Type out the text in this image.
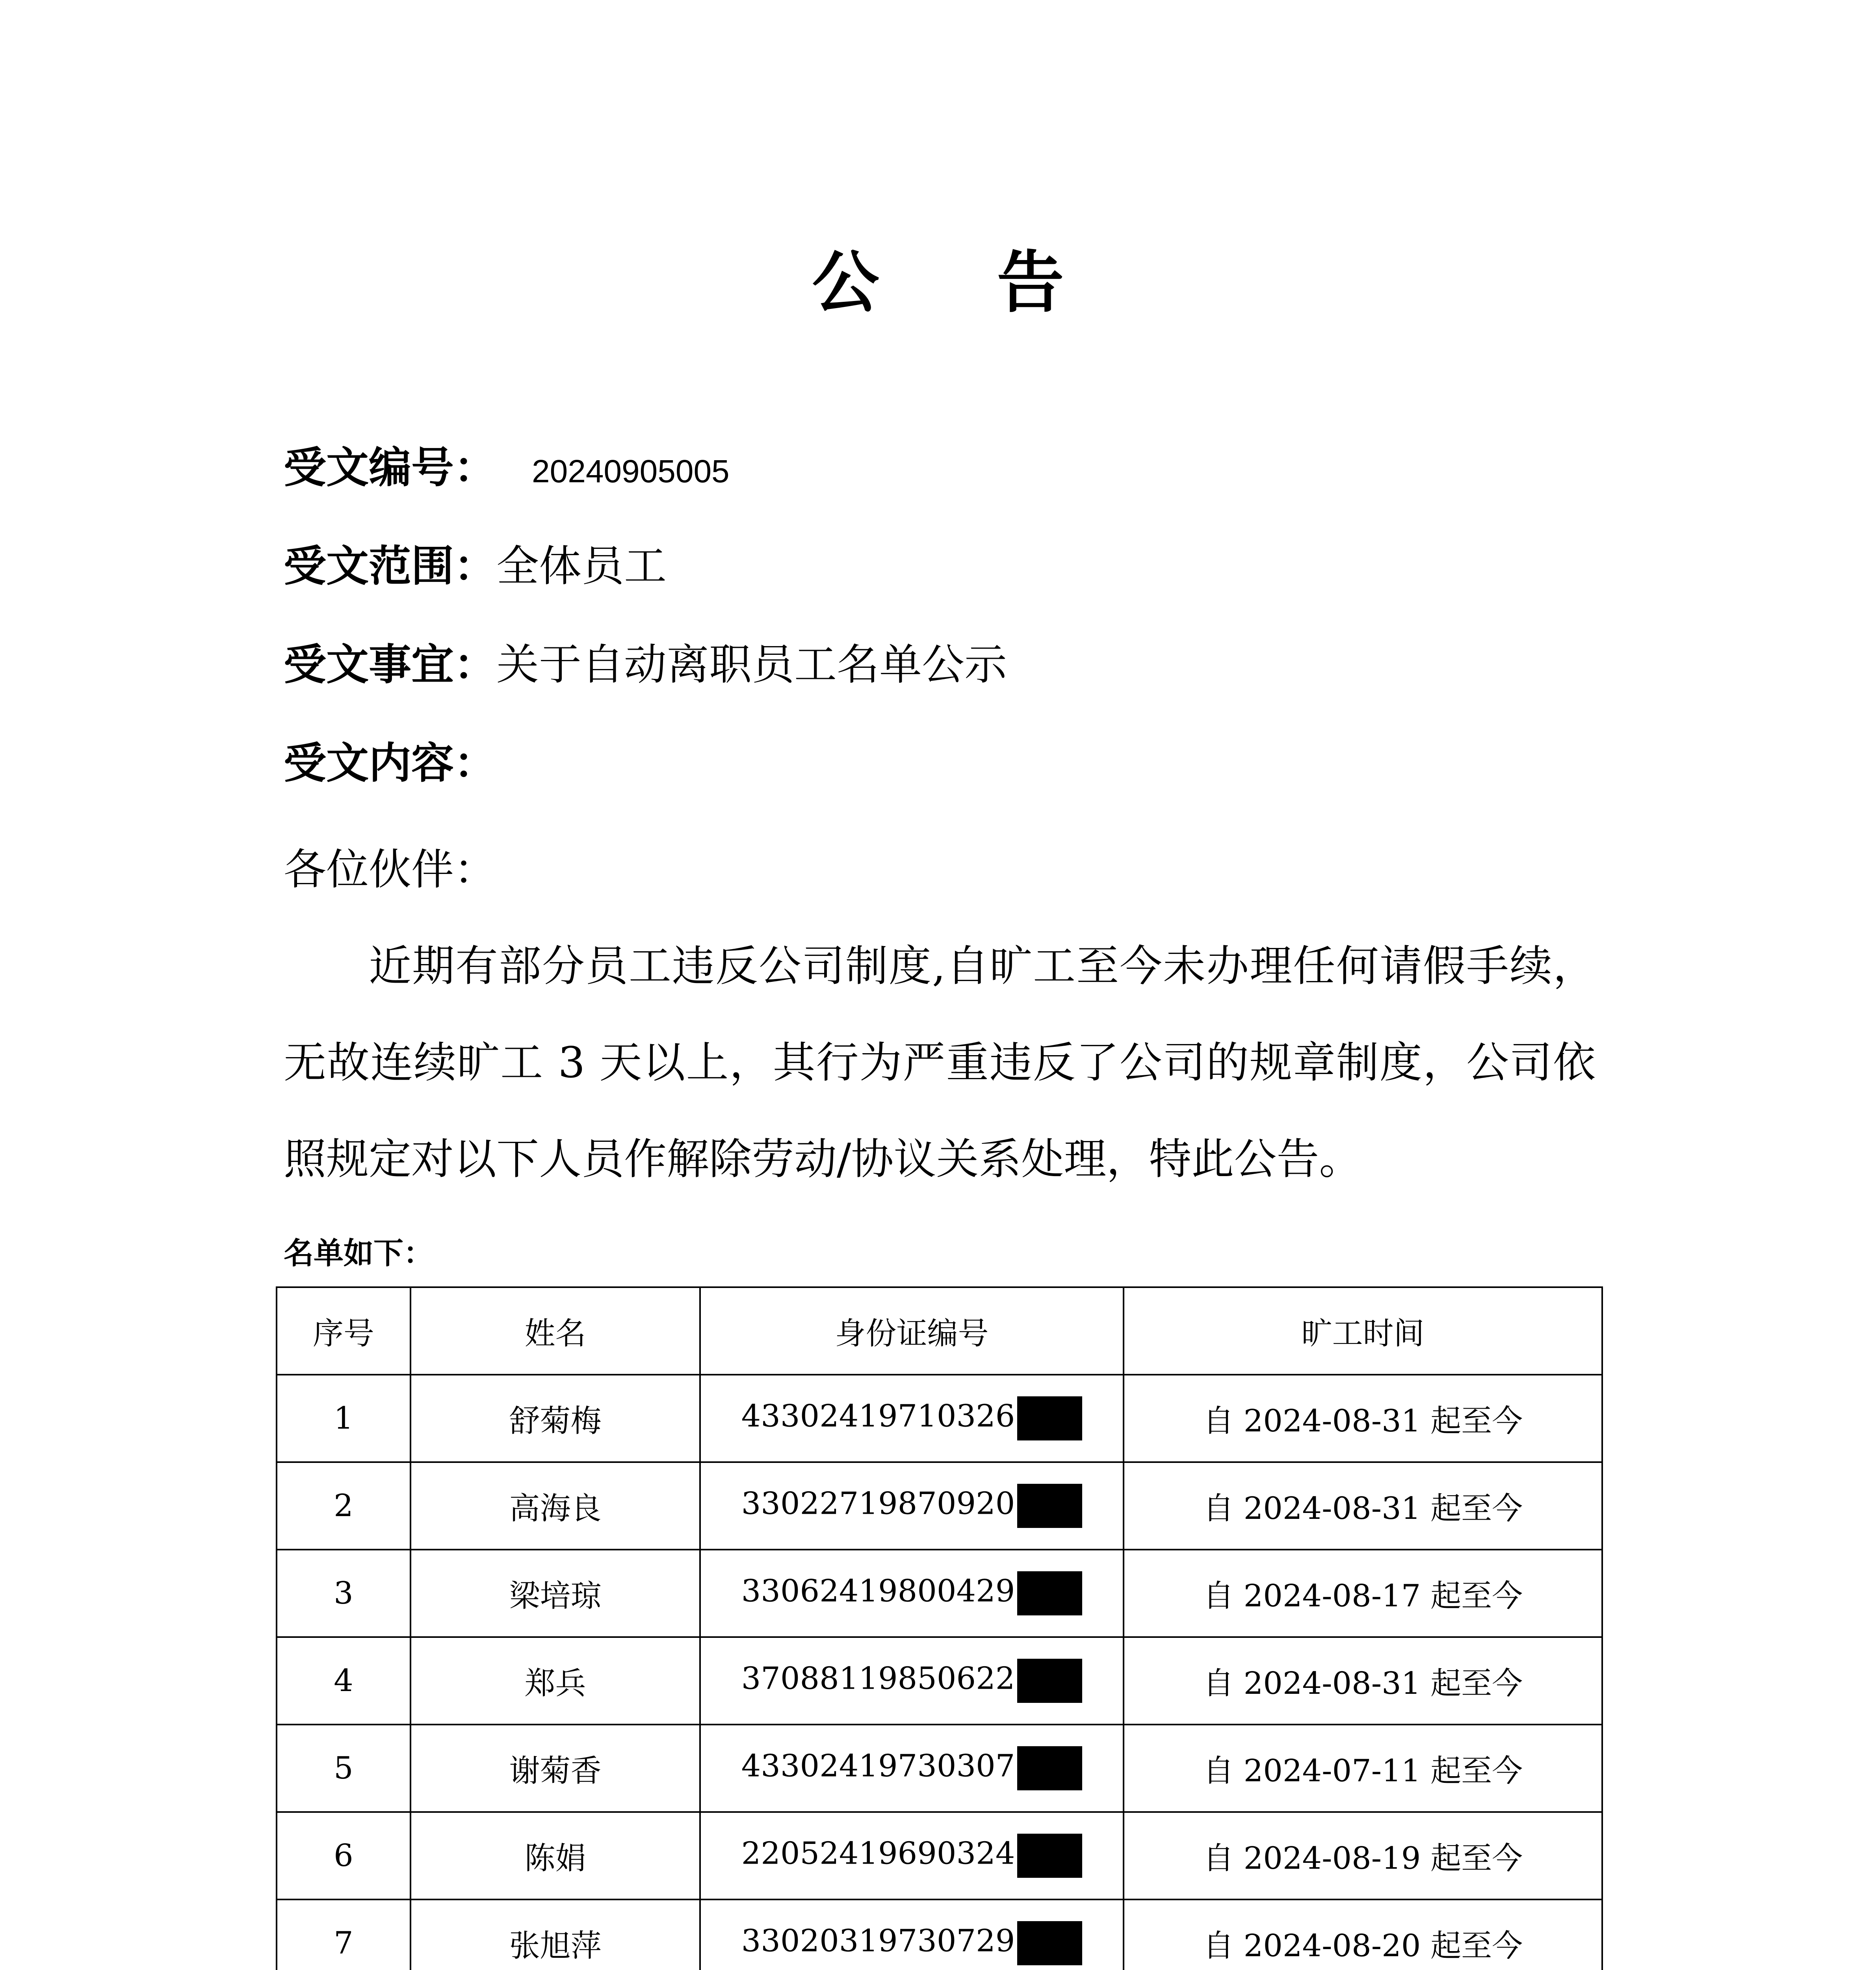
公 告
受文编号： 20240905005
受文范围：全体员工
受文事宜：关于自动离职员工名单公示
受文内容：
各位伙伴：
近期有部分员工违反公司制度,自旷工至今未办理任何请假手续，无故连续旷工 3 天以上，其行为严重违反了公司的规章制度，公司依照规定对以下人员作解除劳动/协议关系处理，特此公告。
名单如下：
序号	姓名	身份证编号	旷工时间
1	舒菊梅	43302419710326	自 2024-08-31 起至今
2	高海良	33022719870920	自 2024-08-31 起至今
3	梁培琼	33062419800429	自 2024-08-17 起至今
4	郑兵	37088119850622	自 2024-08-31 起至今
5	谢菊香	43302419730307	自 2024-07-11 起至今
6	陈娟	22052419690324	自 2024-08-19 起至今
7	张旭萍	33020319730729	自 2024-08-20 起至今
